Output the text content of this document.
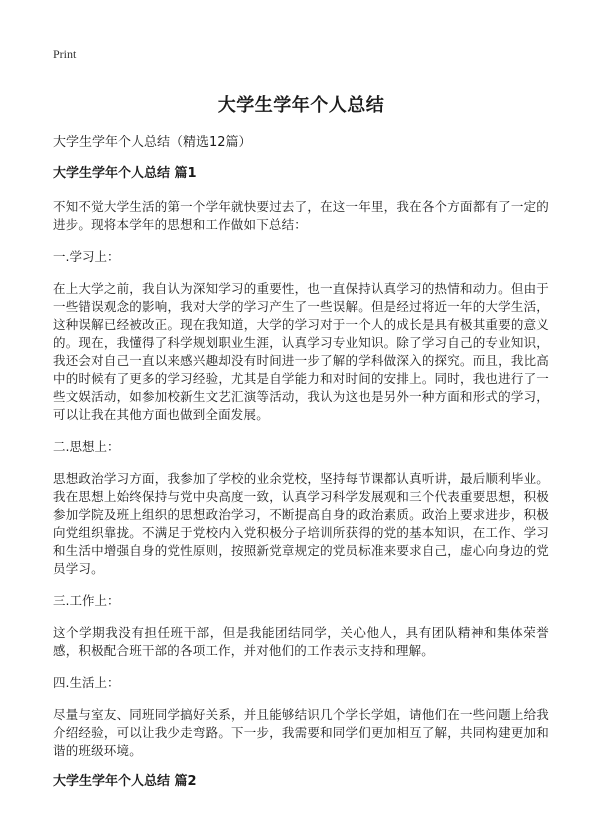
Print

大学生学年个人总结

大学生学年个人总结（精选12篇）

大学生学年个人总结 篇1

不知不觉大学生活的第一个学年就快要过去了，在这一年里，我在各个方面都有了一定的进步。现将本学年的思想和工作做如下总结：

一.学习上：

在上大学之前，我自认为深知学习的重要性，也一直保持认真学习的热情和动力。但由于一些错误观念的影响，我对大学的学习产生了一些误解。但是经过将近一年的大学生活，这种误解已经被改正。现在我知道，大学的学习对于一个人的成长是具有极其重要的意义的。现在，我懂得了科学规划职业生涯，认真学习专业知识。除了学习自己的专业知识，我还会对自己一直以来感兴趣却没有时间进一步了解的学科做深入的探究。而且，我比高中的时候有了更多的学习经验，尤其是自学能力和对时间的安排上。同时，我也进行了一些文娱活动，如参加校新生文艺汇演等活动，我认为这也是另外一种方面和形式的学习，可以让我在其他方面也做到全面发展。

二.思想上：

思想政治学习方面，我参加了学校的业余党校，坚持每节课都认真听讲，最后顺利毕业。我在思想上始终保持与党中央高度一致，认真学习科学发展观和三个代表重要思想，积极参加学院及班上组织的思想政治学习，不断提高自身的政治素质。政治上要求进步，积极向党组织靠拢。不满足于党校内入党积极分子培训所获得的党的基本知识，在工作、学习和生活中增强自身的党性原则，按照新党章规定的党员标准来要求自己，虚心向身边的党员学习。

三.工作上：

这个学期我没有担任班干部，但是我能团结同学，关心他人，具有团队精神和集体荣誉感，积极配合班干部的各项工作，并对他们的工作表示支持和理解。

四.生活上：

尽量与室友、同班同学搞好关系，并且能够结识几个学长学姐，请他们在一些问题上给我介绍经验，可以让我少走弯路。下一步，我需要和同学们更加相互了解，共同构建更加和谐的班级环境。

大学生学年个人总结 篇2
